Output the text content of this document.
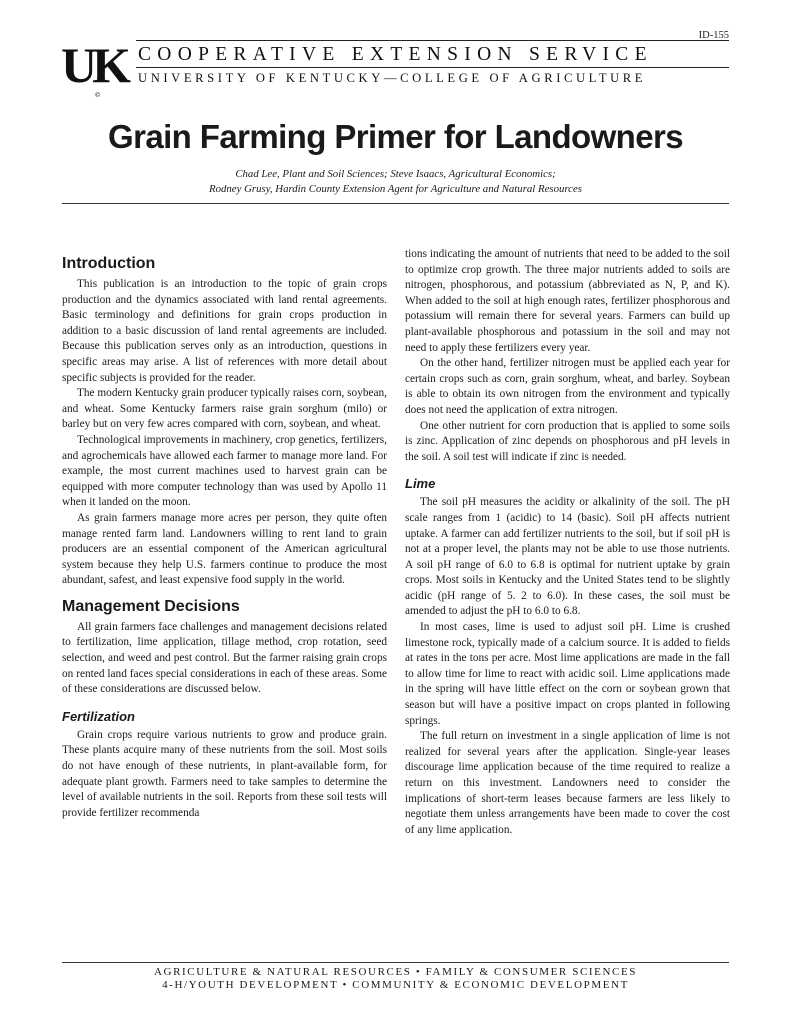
ID-155
UK
©
COOPERATIVE EXTENSION SERVICE
UNIVERSITY OF KENTUCKY—COLLEGE OF AGRICULTURE
Grain Farming Primer for Landowners
Chad Lee, Plant and Soil Sciences; Steve Isaacs, Agricultural Economics;
Rodney Grusy, Hardin County Extension Agent for Agriculture and Natural Resources
Introduction

This publication is an introduction to the topic of grain crops production and the dynamics associated with land rental agreements. Basic terminology and definitions for grain crops production in addition to a basic discussion of land rental agreements are included. Because this publication serves only as an introduction, questions in specific areas may arise. A list of references with more detail about specific subjects is provided for the reader.

The modern Kentucky grain producer typically raises corn, soybean, and wheat. Some Kentucky farmers raise grain sorghum (milo) or barley but on very few acres compared with corn, soybean, and wheat.

Technological improvements in machinery, crop genetics, fertilizers, and agrochemicals have allowed each farmer to manage more land. For example, the most current machines used to harvest grain can be equipped with more computer technology than was used by Apollo 11 when it landed on the moon.

As grain farmers manage more acres per person, they quite often manage rented farm land. Landowners willing to rent land to grain producers are an essential component of the American agricultural system because they help U.S. farmers continue to produce the most abundant, safest, and least expensive food supply in the world.

Management Decisions

All grain farmers face challenges and management decisions related to fertilization, lime application, tillage method, crop rotation, seed selection, and weed and pest control. But the farmer raising grain crops on rented land faces special considerations in each of these areas. Some of these considerations are discussed below.

Fertilization

Grain crops require various nutrients to grow and produce grain. These plants acquire many of these nutrients from the soil. Most soils do not have enough of these nutrients, in plant-available form, for adequate plant growth. Farmers need to take samples to determine the level of available nutrients in the soil. Reports from these soil tests will provide fertilizer recommenda

tions indicating the amount of nutrients that need to be added to the soil to optimize crop growth. The three major nutrients added to soils are nitrogen, phosphorous, and potassium (abbreviated as N, P, and K). When added to the soil at high enough rates, fertilizer phosphorous and potassium will remain there for several years. Farmers can build up plant-available phosphorous and potassium in the soil and may not need to apply these fertilizers every year.

On the other hand, fertilizer nitrogen must be applied each year for certain crops such as corn, grain sorghum, wheat, and barley. Soybean is able to obtain its own nitrogen from the environment and typically does not need the application of extra nitrogen.

One other nutrient for corn production that is applied to some soils is zinc. Application of zinc depends on phosphorous and pH levels in the soil. A soil test will indicate if zinc is needed.

Lime

The soil pH measures the acidity or alkalinity of the soil. The pH scale ranges from 1 (acidic) to 14 (basic). Soil pH affects nutrient uptake. A farmer can add fertilizer nutrients to the soil, but if soil pH is not at a proper level, the plants may not be able to use those nutrients. A soil pH range of 6.0 to 6.8 is optimal for nutrient uptake by grain crops. Most soils in Kentucky and the United States tend to be slightly acidic (pH range of 5. 2 to 6.0). In these cases, the soil must be amended to adjust the pH to 6.0 to 6.8.

In most cases, lime is used to adjust soil pH. Lime is crushed limestone rock, typically made of a calcium source. It is added to fields at rates in the tons per acre. Most lime applications are made in the fall to allow time for lime to react with acidic soil. Lime applications made in the spring will have little effect on the corn or soybean grown that season but will have a positive impact on crops planted in following springs.

The full return on investment in a single application of lime is not realized for several years after the application. Single-year leases discourage lime application because of the time required to realize a return on this investment. Landowners need to consider the implications of short-term leases because farmers are less likely to negotiate them unless arrangements have been made to cover the cost of any lime application.

AGRICULTURE & NATURAL RESOURCES • FAMILY & CONSUMER SCIENCES
4-H/YOUTH DEVELOPMENT • COMMUNITY & ECONOMIC DEVELOPMENT
